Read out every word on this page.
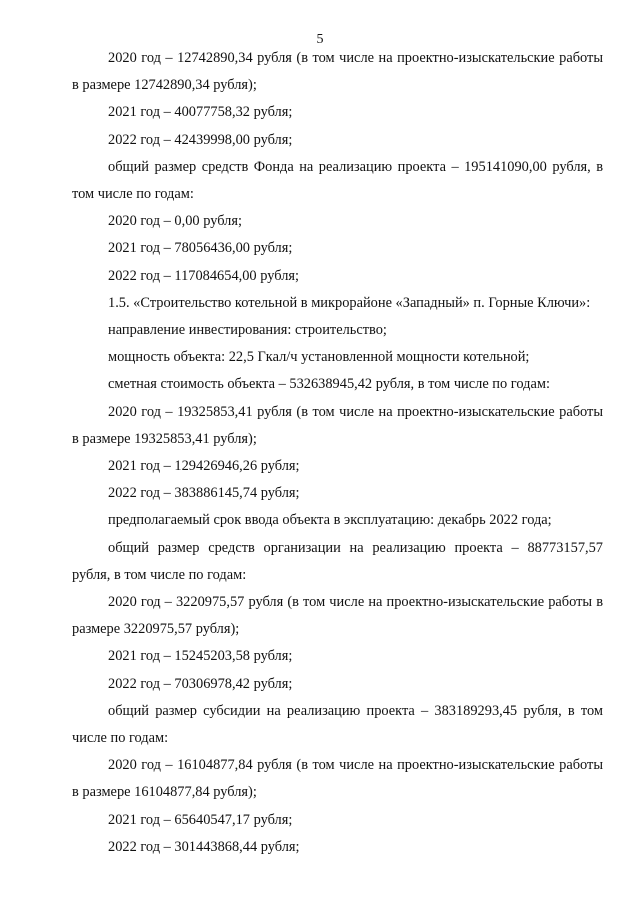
5

2020 год – 12742890,34 рубля (в том числе на проектно-изыскательские работы в размере 12742890,34 рубля);

2021 год – 40077758,32 рубля;

2022 год – 42439998,00 рубля;

общий размер средств Фонда на реализацию проекта – 195141090,00 рубля, в том числе по годам:

2020 год – 0,00 рубля;

2021 год – 78056436,00 рубля;

2022 год – 117084654,00 рубля;

1.5. «Строительство котельной в микрорайоне «Западный» п. Горные Ключи»:

направление инвестирования: строительство;

мощность объекта: 22,5 Гкал/ч установленной мощности котельной;

сметная стоимость объекта – 532638945,42 рубля, в том числе по годам:

2020 год – 19325853,41 рубля (в том числе на проектно-изыскательские работы в размере 19325853,41 рубля);

2021 год – 129426946,26 рубля;

2022 год – 383886145,74 рубля;

предполагаемый срок ввода объекта в эксплуатацию: декабрь 2022 года;

общий размер средств организации на реализацию проекта – 88773157,57 рубля, в том числе по годам:

2020 год – 3220975,57 рубля (в том числе на проектно-изыскательские работы в размере 3220975,57 рубля);

2021 год – 15245203,58 рубля;

2022 год – 70306978,42 рубля;

общий размер субсидии на реализацию проекта – 383189293,45 рубля, в том числе по годам:

2020 год – 16104877,84 рубля (в том числе на проектно-изыскательские работы в размере 16104877,84 рубля);

2021 год – 65640547,17 рубля;

2022 год – 301443868,44 рубля;
